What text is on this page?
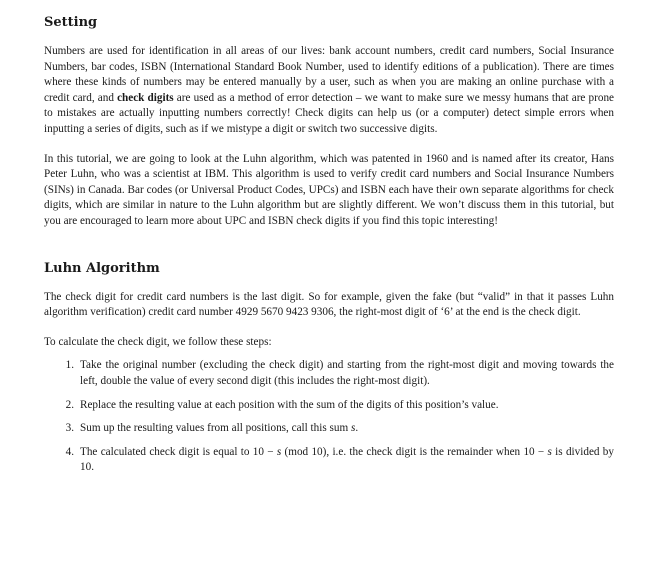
Setting

Numbers are used for identification in all areas of our lives: bank account numbers, credit card numbers, Social Insurance Numbers, bar codes, ISBN (International Standard Book Number, used to identify editions of a publication). There are times where these kinds of numbers may be entered manually by a user, such as when you are making an online purchase with a credit card, and check digits are used as a method of error detection – we want to make sure we messy humans that are prone to mistakes are actually inputting numbers correctly! Check digits can help us (or a computer) detect simple errors when inputting a series of digits, such as if we mistype a digit or switch two successive digits.

In this tutorial, we are going to look at the Luhn algorithm, which was patented in 1960 and is named after its creator, Hans Peter Luhn, who was a scientist at IBM. This algorithm is used to verify credit card numbers and Social Insurance Numbers (SINs) in Canada. Bar codes (or Universal Product Codes, UPCs) and ISBN each have their own separate algorithms for check digits, which are similar in nature to the Luhn algorithm but are slightly different. We won’t discuss them in this tutorial, but you are encouraged to learn more about UPC and ISBN check digits if you find this topic interesting!

Luhn Algorithm

The check digit for credit card numbers is the last digit. So for example, given the fake (but “valid” in that it passes Luhn algorithm verification) credit card number 4929 5670 9423 9306, the right-most digit of ‘6’ at the end is the check digit.

To calculate the check digit, we follow these steps:

1. Take the original number (excluding the check digit) and starting from the right-most digit and moving towards the left, double the value of every second digit (this includes the right-most digit).
2. Replace the resulting value at each position with the sum of the digits of this position’s value.
3. Sum up the resulting values from all positions, call this sum s.
4. The calculated check digit is equal to 10 − s (mod 10), i.e. the check digit is the remainder when 10 − s is divided by 10.
